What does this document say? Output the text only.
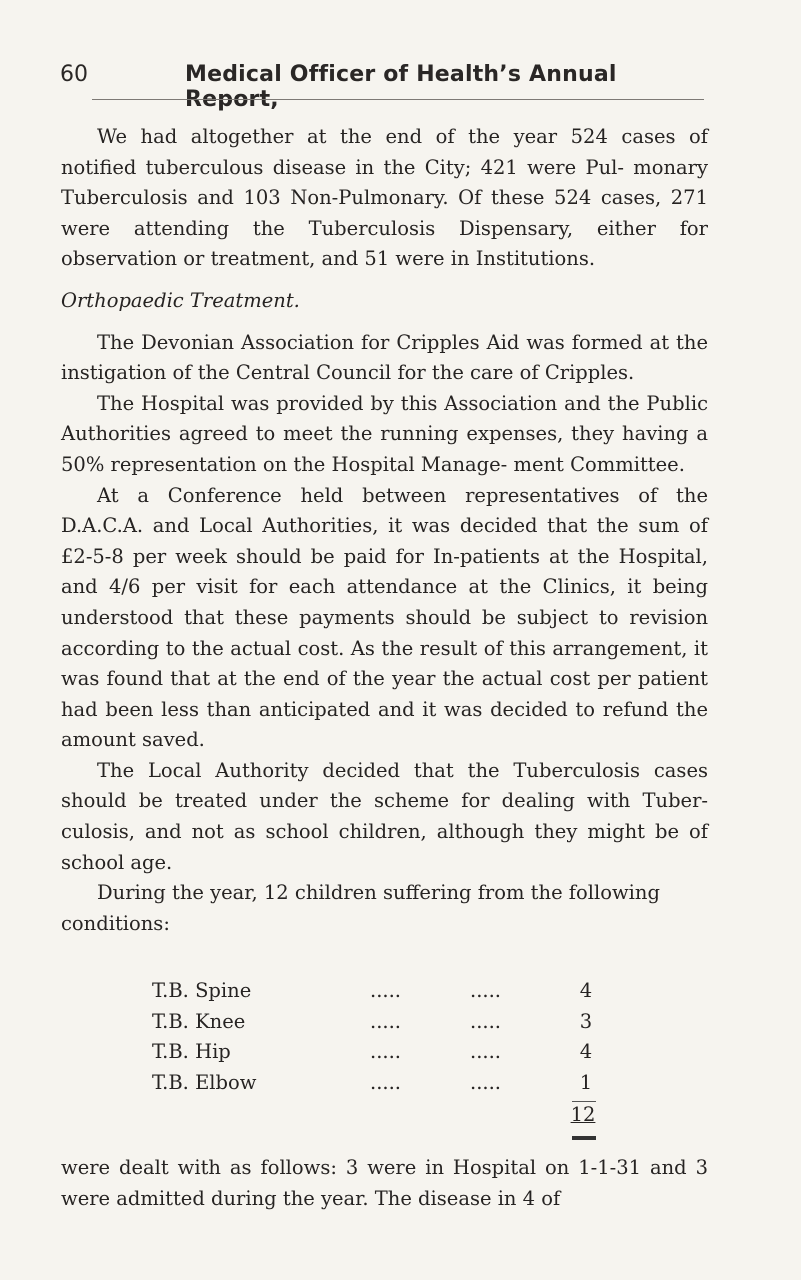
60	Medical Officer of Health’s Annual Report,

We had altogether at the end of the year 524 cases of notified tuberculous disease in the City; 421 were Pul- monary Tuberculosis and 103 Non-Pulmonary. Of these 524 cases, 271 were attending the Tuberculosis Dispensary, either for observation or treatment, and 51 were in Institutions.

Orthopaedic Treatment.

The Devonian Association for Cripples Aid was formed at the instigation of the Central Council for the care of Cripples.

The Hospital was provided by this Association and the Public Authorities agreed to meet the running expenses, they having a 50% representation on the Hospital Manage- ment Committee.

At a Conference held between representatives of the D.A.C.A. and Local Authorities, it was decided that the sum of £2-5-8 per week should be paid for In-patients at the Hospital, and 4/6 per visit for each attendance at the Clinics, it being understood that these payments should be subject to revision according to the actual cost. As the result of this arrangement, it was found that at the end of the year the actual cost per patient had been less than anticipated and it was decided to refund the amount saved.

The Local Authority decided that the Tuberculosis cases should be treated under the scheme for dealing with Tuber- culosis, and not as school children, although they might be of school age.

During the year, 12 children suffering from the following conditions:

T.B. Spine	.....	.....	4
T.B. Knee	.....	.....	3
T.B. Hip	.....	.....	4
T.B. Elbow	.....	.....	1
12
were dealt with as follows: 3 were in Hospital on 1-1-31 and 3 were admitted during the year. The disease in 4 of
